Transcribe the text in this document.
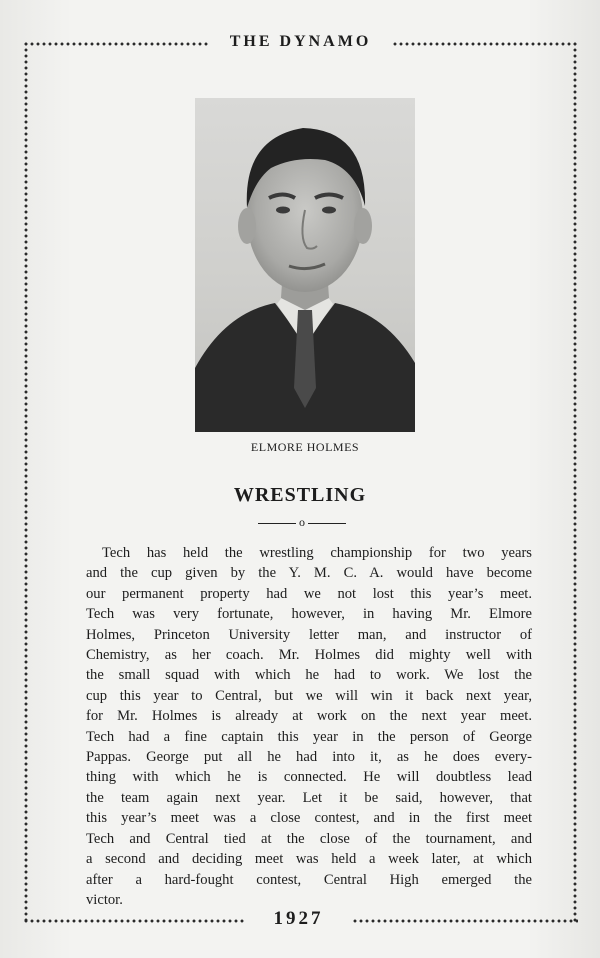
THE DYNAMO
ELMORE HOLMES
WRESTLING
o
Tech has held the wrestling championship for two years
and the cup given by the Y. M. C. A. would have become
our permanent property had we not lost this year’s meet.
Tech was very fortunate, however, in having Mr. Elmore
Holmes, Princeton University letter man, and instructor of
Chemistry, as her coach. Mr. Holmes did mighty well with
the small squad with which he had to work. We lost the
cup this year to Central, but we will win it back next year,
for Mr. Holmes is already at work on the next year meet.
Tech had a fine captain this year in the person of George
Pappas. George put all he had into it, as he does every-
thing with which he is connected. He will doubtless lead
the team again next year. Let it be said, however, that
this year’s meet was a close contest, and in the first meet
Tech and Central tied at the close of the tournament, and
a second and deciding meet was held a week later, at which
after a hard-fought contest, Central High emerged the
victor.
1927
